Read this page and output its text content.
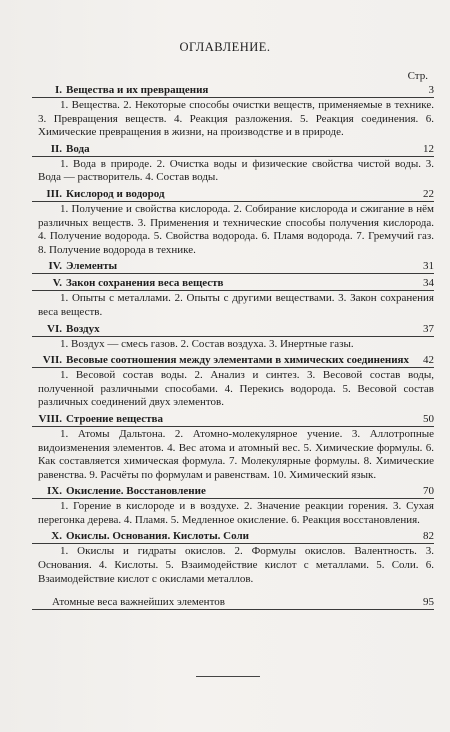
ОГЛАВЛЕНИЕ.
Стр.
I. Вещества и их превращения	3

1. Вещества. 2. Некоторые способы очистки веществ, применяемые в технике. 3. Превращения веществ. 4. Реакция разложения. 5. Реакция соединения. 6. Химические превращения в жизни, на производстве и в природе.

II. Вода	12

1. Вода в природе. 2. Очистка воды и физические свойства чистой воды. 3. Вода — растворитель. 4. Состав воды.

III. Кислород и водород	22

1. Получение и свойства кислорода. 2. Собирание кислорода и сжигание в нём различных веществ. 3. Применения и технические способы получения кислорода. 4. Получение водорода. 5. Свойства водорода. 6. Пламя водорода. 7. Гремучий газ. 8. Получение водорода в технике.

IV. Элементы	31
V. Закон сохранения веса веществ	34

1. Опыты с металлами. 2. Опыты с другими веществами. 3. Закон сохранения веса веществ.

VI. Воздух	37

1. Воздух — смесь газов. 2. Состав воздуха. 3. Инертные газы.

VII. Весовые соотношения между элементами в химических соединениях	42

1. Весовой состав воды. 2. Анализ и синтез. 3. Весовой состав воды, полученной различными способами. 4. Перекись водорода. 5. Весовой состав различных соединений двух элементов.

VIII. Строение вещества	50

1. Атомы Дальтона. 2. Атомно-молекулярное учение. 3. Аллотропные видоизменения элементов. 4. Вес атома и атомный вес. 5. Химические формулы. 6. Как составляется химическая формула. 7. Молекулярные формулы. 8. Химические равенства. 9. Расчёты по формулам и равенствам. 10. Химический язык.

IX. Окисление. Восстановление	70

1. Горение в кислороде и в воздухе. 2. Значение реакции горения. 3. Сухая перегонка дерева. 4. Пламя. 5. Медленное окисление. 6. Реакция восстановления.

X. Окислы. Основания. Кислоты. Соли	82

1. Окислы и гидраты окислов. 2. Формулы окислов. Валентность. 3. Основания. 4. Кислоты. 5. Взаимодействие кислот с металлами. 5. Соли. 6. Взаимодействие кислот с окислами металлов.

Атомные веса важнейших элементов	95
